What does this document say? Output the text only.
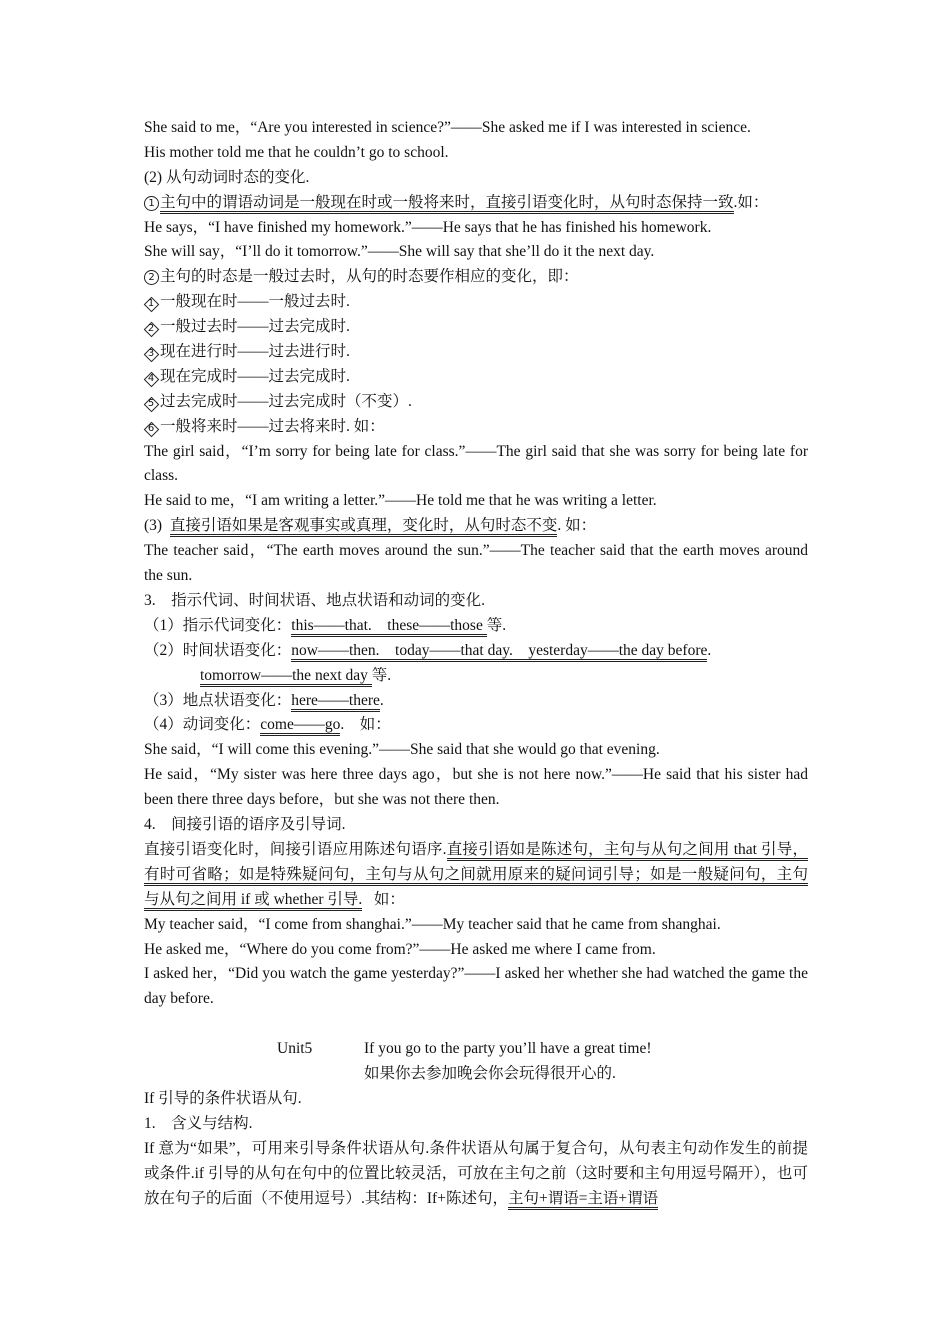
She said to me，“Are you interested in science?”——She asked me if I was interested in science.
His mother told me that he couldn’t go to school.
(2) 从句动词时态的变化.
1 主句中的谓语动词是一般现在时或一般将来时，直接引语变化时，从句时态保持一致.如：
He says，“I have finished my homework.”——He says that he has finished his homework.
She will say，“I’ll do it tomorrow.”——She will say that she’ll do it the next day.
2 主句的时态是一般过去时，从句的时态要作相应的变化，即：
1 一般现在时——一般过去时.
2 一般过去时——过去完成时.
3 现在进行时——过去进行时.
4 现在完成时——过去完成时.
5 过去完成时——过去完成时（不变）.
6 一般将来时——过去将来时. 如：
The girl said，“I’m sorry for being late for class.”——The girl said that she was sorry for being late for class.
He said to me，“I am writing a letter.”——He told me that he was writing a letter.
(3)  直接引语如果是客观事实或真理，变化时，从句时态不变. 如：
The teacher said，“The earth moves around the sun.”——The teacher said that the earth moves around the sun.
3.    指示代词、时间状语、地点状语和动词的变化.
（1）指示代词变化：this——that.    these——those 等.
（2）时间状语变化：now——then.    today——that day.    yesterday——the day before.
tomorrow——the next day 等.
（3）地点状语变化：here——there.
（4）动词变化：come——go.    如：
She said，“I will come this evening.”——She said that she would go that evening.
He said，“My sister was here three days ago，but she is not here now.”——He said that his sister had been there three days before，but she was not there then.
4.    间接引语的语序及引导词.
直接引语变化时，间接引语应用陈述句语序.直接引语如是陈述句，主句与从句之间用 that 引导，有时可省略；如是特殊疑问句，主句与从句之间就用原来的疑问词引导；如是一般疑问句，主句与从句之间用 if 或 whether 引导.   如：
My teacher said，“I come from shanghai.”——My teacher said that he came from shanghai.
He asked me，“Where do you come from?”——He asked me where I came from.
I asked her，“Did you watch the game yesterday?”——I asked her whether she had watched the game the day before.
Unit5	If you go to the party you’ll have a great time!
如果你去参加晚会你会玩得很开心的.
If 引导的条件状语从句.
1.    含义与结构.
If 意为“如果”，可用来引导条件状语从句.条件状语从句属于复合句，从句表主句动作发生的前提或条件.if 引导的从句在句中的位置比较灵活，可放在主句之前（这时要和主句用逗号隔开），也可放在句子的后面（不使用逗号）.其结构：If+陈述句，主句+谓语=主语+谓语
